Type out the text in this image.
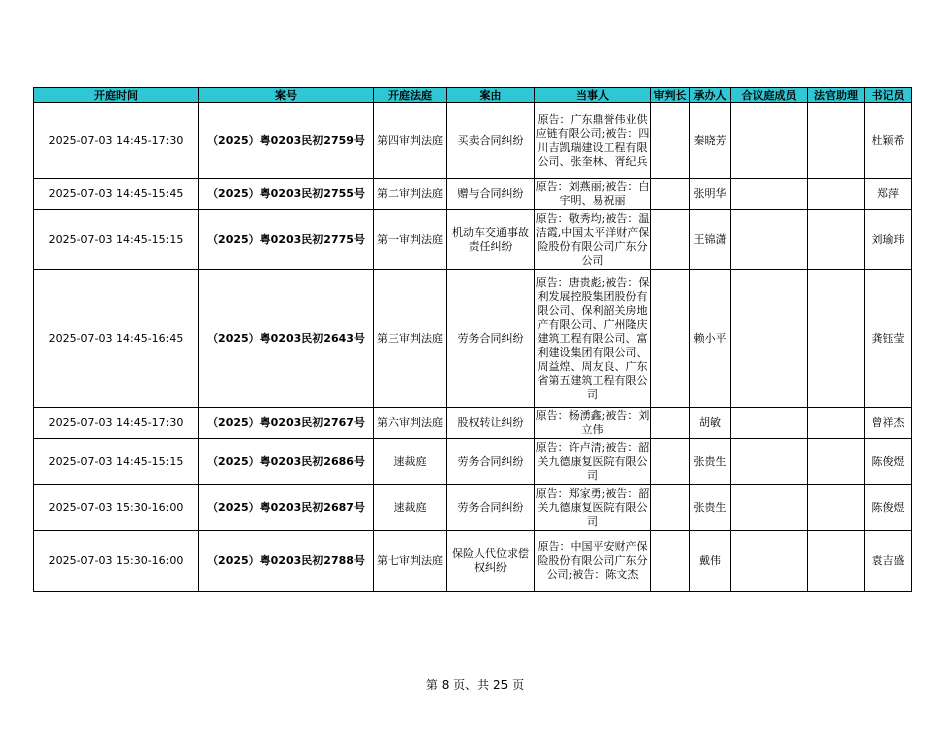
开庭时间	案号	开庭法庭	案由	当事人	审判长	承办人	合议庭成员	法官助理	书记员
2025-07-03 14:45-17:30	（2025）粤0203民初2759号	第四审判法庭	买卖合同纠纷	原告：广东鼎誉伟业供应链有限公司;被告：四川吉凯瑞建设工程有限公司、张奎林、胥纪兵		秦晓芳			杜颖希
2025-07-03 14:45-15:45	（2025）粤0203民初2755号	第二审判法庭	赠与合同纠纷	原告：刘燕丽;被告：白宇明、易祝丽		张明华			郑萍
2025-07-03 14:45-15:15	（2025）粤0203民初2775号	第一审判法庭	机动车交通事故责任纠纷	原告：敬秀均;被告：温洁霞,中国太平洋财产保险股份有限公司广东分公司		王锦潇			刘瑜玮
2025-07-03 14:45-16:45	（2025）粤0203民初2643号	第三审判法庭	劳务合同纠纷	原告：唐贵彪;被告：保利发展控股集团股份有限公司、保利韶关房地产有限公司、广州隆庆建筑工程有限公司、富利建设集团有限公司、周益煌、周友良、广东省第五建筑工程有限公司		赖小平			龚钰莹
2025-07-03 14:45-17:30	（2025）粤0203民初2767号	第六审判法庭	股权转让纠纷	原告：杨湧鑫;被告：刘立伟		胡敏			曾祥杰
2025-07-03 14:45-15:15	（2025）粤0203民初2686号	速裁庭	劳务合同纠纷	原告：许卢清;被告：韶关九德康复医院有限公司		张贵生			陈俊煜
2025-07-03 15:30-16:00	（2025）粤0203民初2687号	速裁庭	劳务合同纠纷	原告：郑家勇;被告：韶关九德康复医院有限公司		张贵生			陈俊煜
2025-07-03 15:30-16:00	（2025）粤0203民初2788号	第七审判法庭	保险人代位求偿权纠纷	原告：中国平安财产保险股份有限公司广东分公司;被告：陈文杰		戴伟			袁吉盛
第 8 页、共 25 页
